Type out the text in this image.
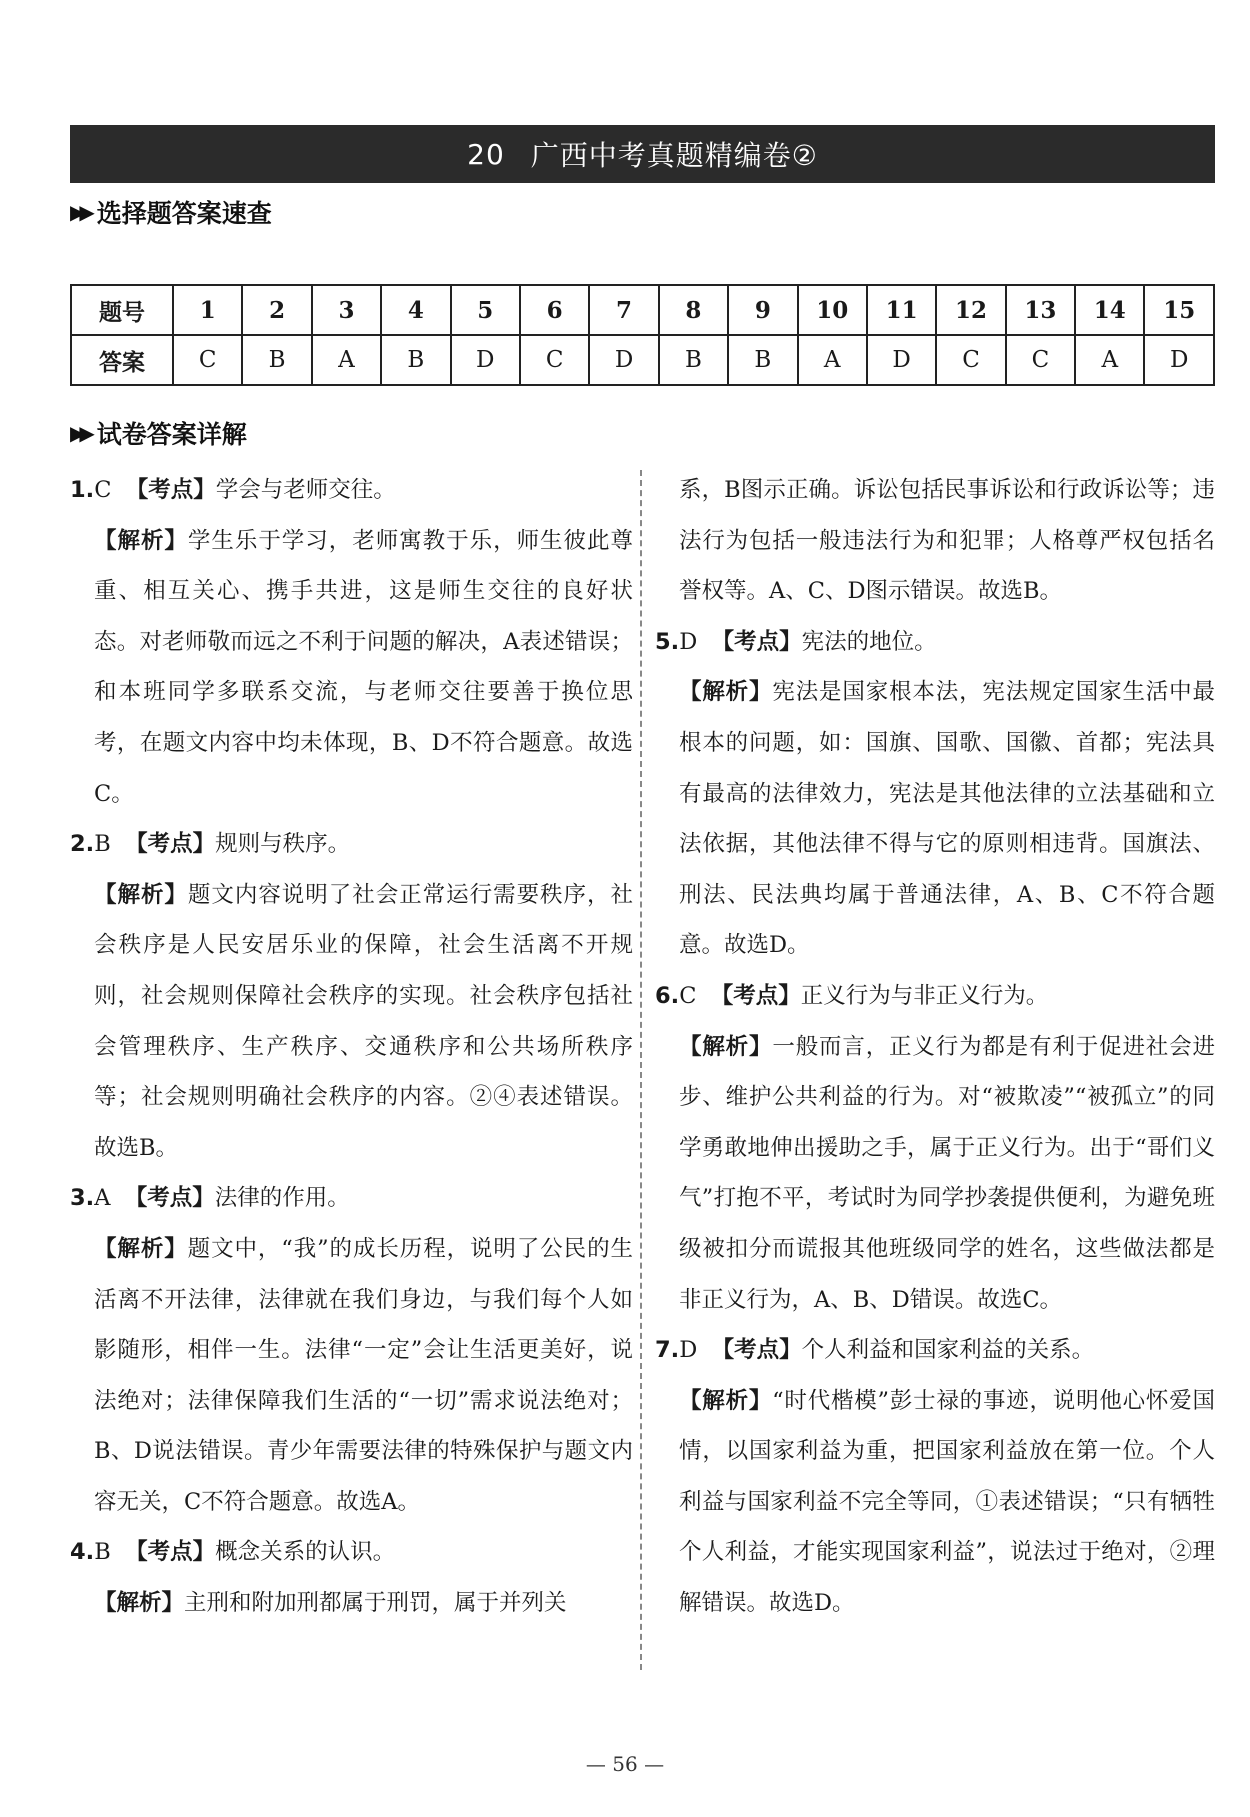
20 广西中考真题精编卷②
▶▶ 选择题答案速查
题号	1	2	3	4	5	6	7	8	9	10	11	12	13	14	15
答案	C	B	A	B	D	C	D	B	B	A	D	C	C	A	D
▶▶ 试卷答案详解
1.C 【考点】学会与老师交往。
【解析】学生乐于学习，老师寓教于乐，师生彼此尊重、相互关心、携手共进，这是师生交往的良好状态。对老师敬而远之不利于问题的解决，A表述错误；和本班同学多联系交流，与老师交往要善于换位思考，在题文内容中均未体现，B、D不符合题意。故选C。
2.B 【考点】规则与秩序。
【解析】题文内容说明了社会正常运行需要秩序，社会秩序是人民安居乐业的保障，社会生活离不开规则，社会规则保障社会秩序的实现。社会秩序包括社会管理秩序、生产秩序、交通秩序和公共场所秩序等；社会规则明确社会秩序的内容。②④表述错误。故选B。
3.A 【考点】法律的作用。
【解析】题文中，“我”的成长历程，说明了公民的生活离不开法律，法律就在我们身边，与我们每个人如影随形，相伴一生。法律“一定”会让生活更美好，说法绝对；法律保障我们生活的“一切”需求说法绝对；B、D说法错误。青少年需要法律的特殊保护与题文内容无关，C不符合题意。故选A。
4.B 【考点】概念关系的认识。
【解析】主刑和附加刑都属于刑罚，属于并列关
系，B图示正确。诉讼包括民事诉讼和行政诉讼等；违法行为包括一般违法行为和犯罪；人格尊严权包括名誉权等。A、C、D图示错误。故选B。
5.D 【考点】宪法的地位。
【解析】宪法是国家根本法，宪法规定国家生活中最根本的问题，如：国旗、国歌、国徽、首都；宪法具有最高的法律效力，宪法是其他法律的立法基础和立法依据，其他法律不得与它的原则相违背。国旗法、刑法、民法典均属于普通法律，A、B、C不符合题意。故选D。
6.C 【考点】正义行为与非正义行为。
【解析】一般而言，正义行为都是有利于促进社会进步、维护公共利益的行为。对“被欺凌”“被孤立”的同学勇敢地伸出援助之手，属于正义行为。出于“哥们义气”打抱不平，考试时为同学抄袭提供便利，为避免班级被扣分而谎报其他班级同学的姓名，这些做法都是非正义行为，A、B、D错误。故选C。
7.D 【考点】个人利益和国家利益的关系。
【解析】“时代楷模”彭士禄的事迹，说明他心怀爱国情，以国家利益为重，把国家利益放在第一位。个人利益与国家利益不完全等同，①表述错误；“只有牺牲个人利益，才能实现国家利益”，说法过于绝对，②理解错误。故选D。
— 56 —
